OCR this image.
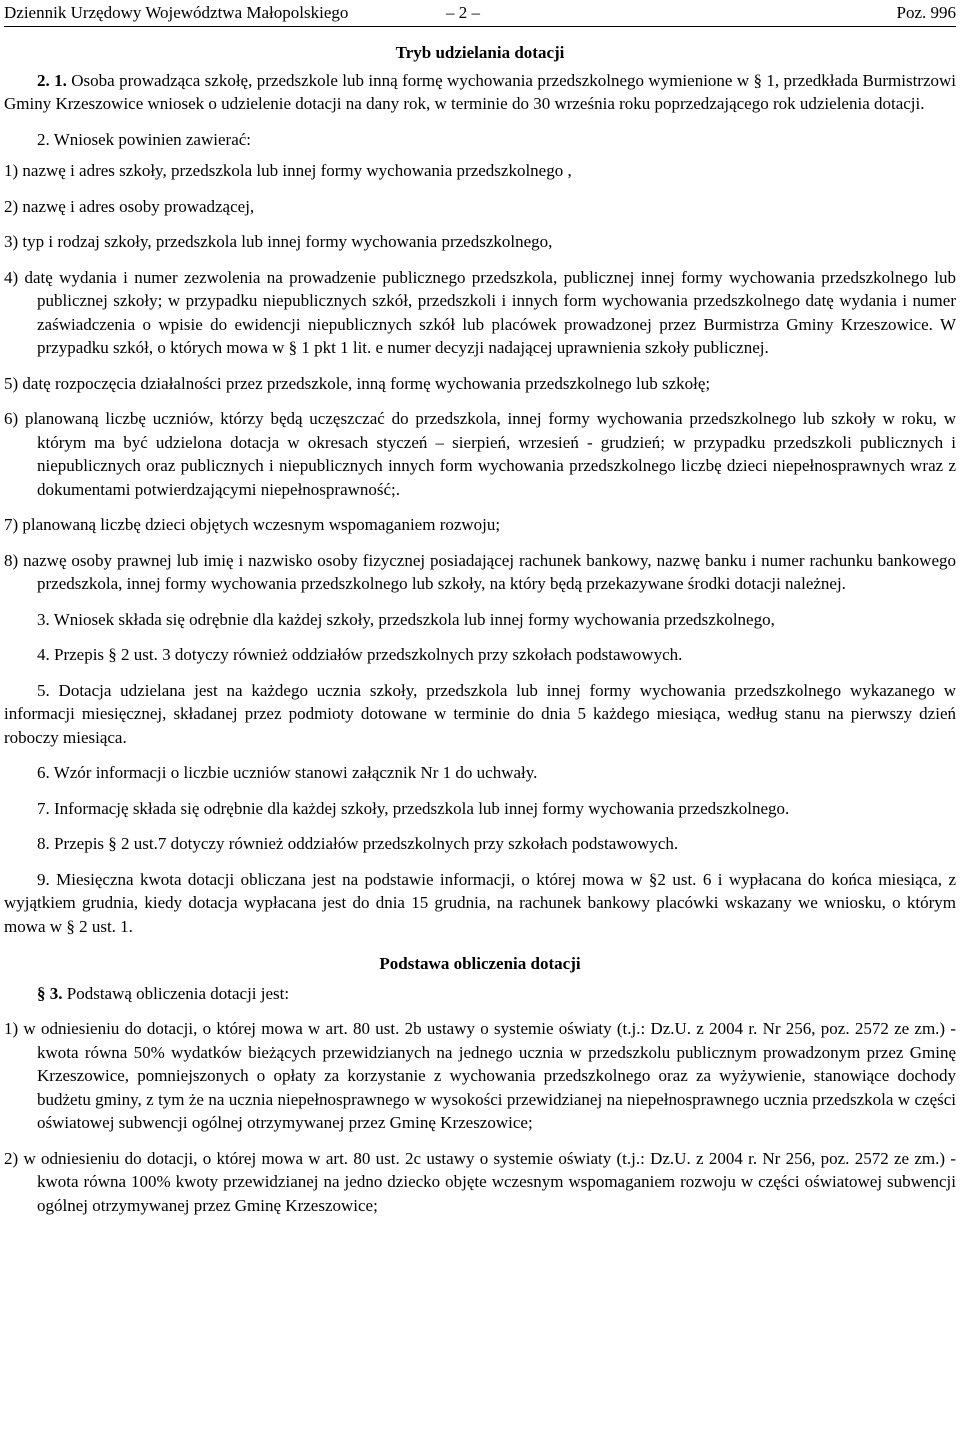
Dziennik Urzędowy Województwa Małopolskiego	– 2 –	Poz. 996
Tryb udzielania dotacji

2. 1. Osoba prowadząca szkołę, przedszkole lub inną formę wychowania przedszkolnego wymienione w § 1, przedkłada Burmistrzowi Gminy Krzeszowice wniosek o udzielenie dotacji na dany rok, w terminie do 30 września roku poprzedzającego rok udzielenia dotacji.

2. Wniosek powinien zawierać:

1) nazwę i adres szkoły, przedszkola lub innej formy wychowania przedszkolnego ,

2) nazwę i adres osoby prowadzącej,

3) typ i rodzaj szkoły, przedszkola lub innej formy wychowania przedszkolnego,

4) datę wydania i numer zezwolenia na prowadzenie publicznego przedszkola, publicznej innej formy wychowania przedszkolnego lub publicznej szkoły; w przypadku niepublicznych szkół, przedszkoli i innych form wychowania przedszkolnego datę wydania i numer zaświadczenia o wpisie do ewidencji niepublicznych szkół lub placówek prowadzonej przez Burmistrza Gminy Krzeszowice. W przypadku szkół, o których mowa w § 1 pkt 1 lit. e numer decyzji nadającej uprawnienia szkoły publicznej.

5) datę rozpoczęcia działalności przez przedszkole, inną formę wychowania przedszkolnego lub szkołę;

6) planowaną liczbę uczniów, którzy będą uczęszczać do przedszkola, innej formy wychowania przedszkolnego lub szkoły w roku, w którym ma być udzielona dotacja w okresach styczeń – sierpień, wrzesień - grudzień; w przypadku przedszkoli publicznych i niepublicznych oraz publicznych i niepublicznych innych form wychowania przedszkolnego liczbę dzieci niepełnosprawnych wraz z dokumentami potwierdzającymi niepełnosprawność;.

7) planowaną liczbę dzieci objętych wczesnym wspomaganiem rozwoju;

8) nazwę osoby prawnej lub imię i nazwisko osoby fizycznej posiadającej rachunek bankowy, nazwę banku i numer rachunku bankowego przedszkola, innej formy wychowania przedszkolnego lub szkoły, na który będą przekazywane środki dotacji należnej.

3. Wniosek składa się odrębnie dla każdej szkoły, przedszkola lub innej formy wychowania przedszkolnego,

4. Przepis § 2 ust. 3 dotyczy również oddziałów przedszkolnych przy szkołach podstawowych.

5. Dotacja udzielana jest na każdego ucznia szkoły, przedszkola lub innej formy wychowania przedszkolnego wykazanego w informacji miesięcznej, składanej przez podmioty dotowane w terminie do dnia 5 każdego miesiąca, według stanu na pierwszy dzień roboczy miesiąca.

6. Wzór informacji o liczbie uczniów stanowi załącznik Nr 1 do uchwały.

7. Informację składa się odrębnie dla każdej szkoły, przedszkola lub innej formy wychowania przedszkolnego.

8. Przepis § 2 ust.7 dotyczy również oddziałów przedszkolnych przy szkołach podstawowych.

9. Miesięczna kwota dotacji obliczana jest na podstawie informacji, o której mowa w §2 ust. 6 i wypłacana do końca miesiąca, z wyjątkiem grudnia, kiedy dotacja wypłacana jest do dnia 15 grudnia, na rachunek bankowy placówki wskazany we wniosku, o którym mowa w § 2 ust. 1.

Podstawa obliczenia dotacji

§ 3. Podstawą obliczenia dotacji jest:

1) w odniesieniu do dotacji, o której mowa w art. 80 ust. 2b ustawy o systemie oświaty (t.j.: Dz.U. z 2004 r. Nr 256, poz. 2572 ze zm.) - kwota równa 50% wydatków bieżących przewidzianych na jednego ucznia w przedszkolu publicznym prowadzonym przez Gminę Krzeszowice, pomniejszonych o opłaty za korzystanie z wychowania przedszkolnego oraz za wyżywienie, stanowiące dochody budżetu gminy, z tym że na ucznia niepełnosprawnego w wysokości przewidzianej na niepełnosprawnego ucznia przedszkola w części oświatowej subwencji ogólnej otrzymywanej przez Gminę Krzeszowice;

2) w odniesieniu do dotacji, o której mowa w art. 80 ust. 2c ustawy o systemie oświaty (t.j.: Dz.U. z 2004 r. Nr 256, poz. 2572 ze zm.) - kwota równa 100% kwoty przewidzianej na jedno dziecko objęte wczesnym wspomaganiem rozwoju w części oświatowej subwencji ogólnej otrzymywanej przez Gminę Krzeszowice;
